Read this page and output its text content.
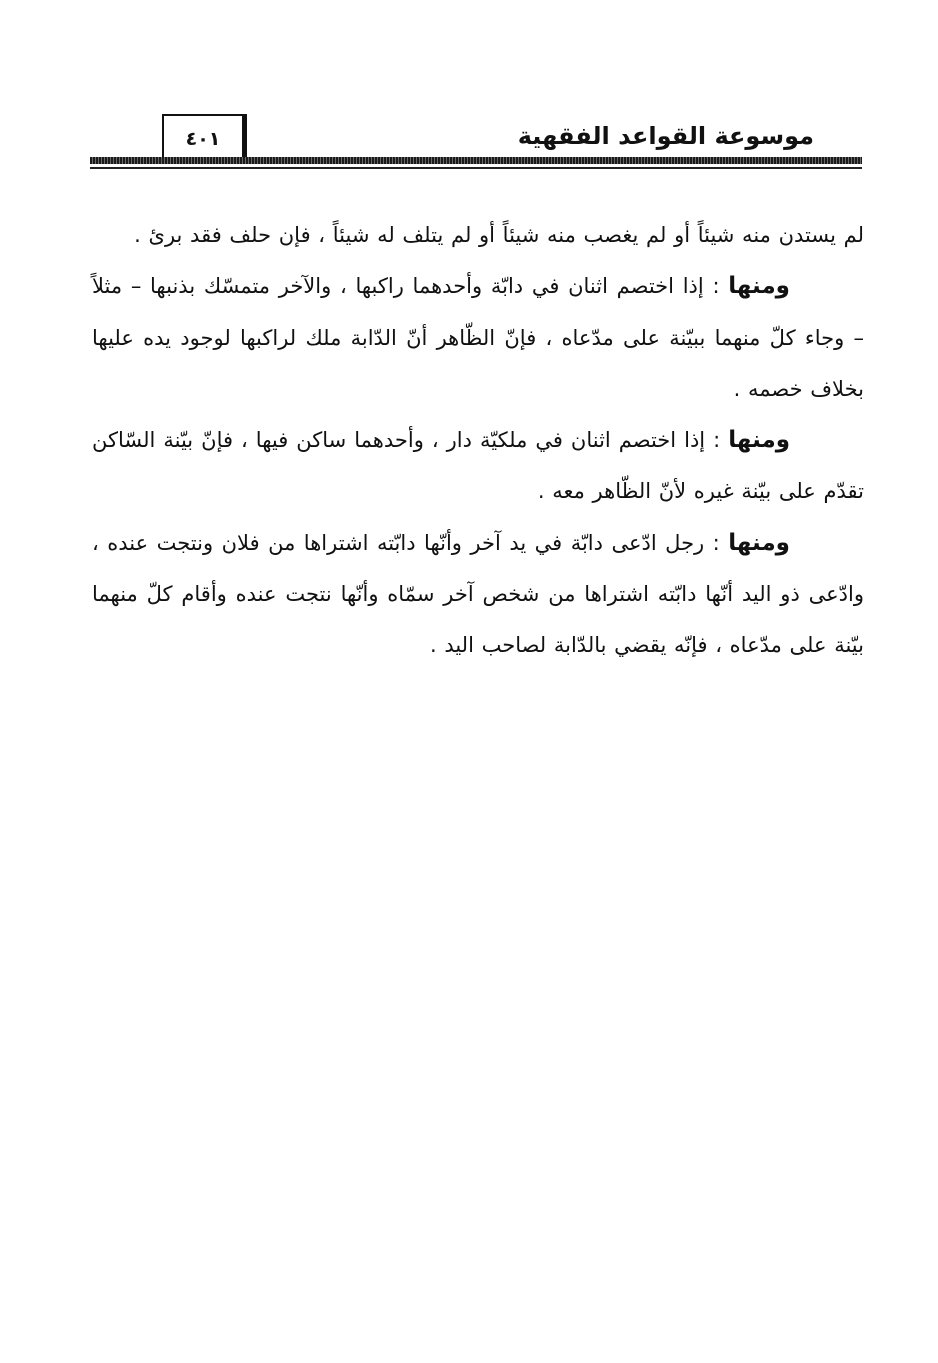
موسوعة القواعد الفقهية
٤٠١

لم يستدن منه شيئاً أو لم يغصب منه شيئاً أو لم يتلف له شيئاً ، فإن حلف فقد برئ .

ومنها : إذا اختصم اثنان في دابّة وأحدهما راكبها ، والآخر متمسّك بذنبها – مثلاً – وجاء كلّ منهما ببيّنة على مدّعاه ، فإنّ الظّاهر أنّ الدّابة ملك لراكبها لوجود يده عليها بخلاف خصمه .

ومنها : إذا اختصم اثنان في ملكيّة دار ، وأحدهما ساكن فيها ، فإنّ بيّنة السّاكن تقدّم على بيّنة غيره لأنّ الظّاهر معه .

ومنها : رجل ادّعى دابّة في يد آخر وأنّها دابّته اشتراها من فلان ونتجت عنده ، وادّعى ذو اليد أنّها دابّته اشتراها من شخص آخر سمّاه وأنّها نتجت عنده وأقام كلّ منهما بيّنة على مدّعاه ، فإنّه يقضي بالدّابة لصاحب اليد .
